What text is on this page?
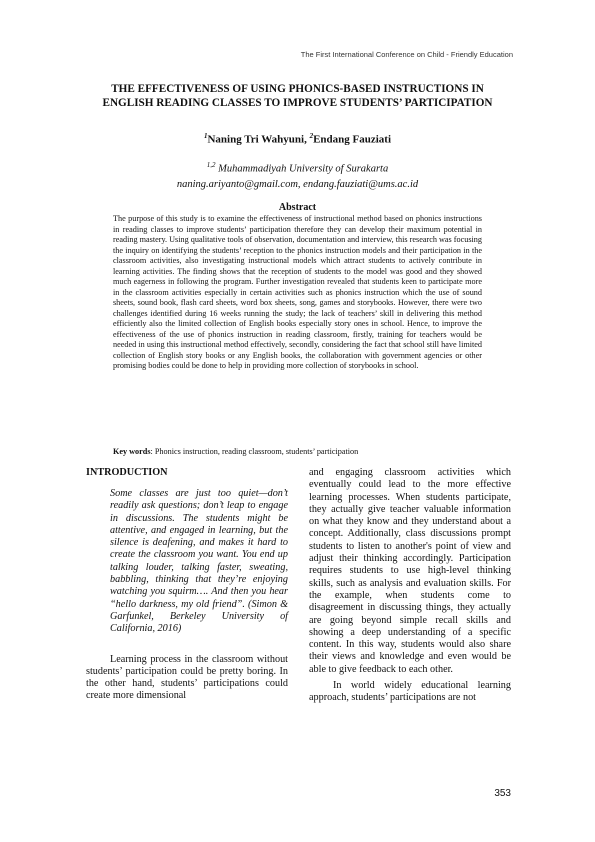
The First International Conference on Child - Friendly Education
THE EFFECTIVENESS OF USING PHONICS-BASED INSTRUCTIONS IN
ENGLISH READING CLASSES TO IMPROVE STUDENTS’ PARTICIPATION
$^1$Naning Tri Wahyuni, $^2$Endang Fauziati
$^{1,2}$ Muhammadiyah University of Surakarta
naning.ariyanto@gmail.com, endang.fauziati@ums.ac.id
Abstract

The purpose of this study is to examine the effectiveness of instructional method based on phonics instructions in reading classes to improve students’ participation therefore they can develop their maximum potential in reading mastery. Using qualitative tools of observation, documentation and interview, this research was focusing the inquiry on identifying the students’ reception to the phonics instruction models and their participation in the classroom activities, also investigating instructional models which attract students to actively contribute in learning activities. The finding shows that the reception of students to the model was good and they showed much eagerness in following the program. Further investigation revealed that students keen to participate more in the classroom activities especially in certain activities such as phonics instruction which the use of sound sheets, sound book, flash card sheets, word box sheets, song, games and storybooks. However, there were two challenges identified during 16 weeks running the study; the lack of teachers’ skill in delivering this method efficiently also the limited collection of English books especially story ones in school. Hence, to improve the effectiveness of the use of phonics instruction in reading classroom, firstly, training for teachers would be needed in using this instructional method effectively, secondly, considering the fact that school still have limited collection of English story books or any English books, the collaboration with government agencies or other promising bodies could be done to help in providing more collection of storybooks in school.

Key words: Phonics instruction, reading classroom, students’ participation
INTRODUCTION

Some classes are just too quiet—don’t readily ask questions; don’t leap to engage in discussions. The students might be attentive, and engaged in learning, but the silence is deafening, and makes it hard to create the classroom you want. You end up talking louder, talking faster, sweating, babbling, thinking that they’re enjoying watching you squirm…. And then you hear “hello darkness, my old friend”. (Simon & Garfunkel, Berkeley University of California, 2016)

Learning process in the classroom without students’ participation could be pretty boring. In the other hand, students’ participations could create more dimensional

and engaging classroom activities which eventually could lead to the more effective learning processes. When students participate, they actually give teacher valuable information on what they know and they understand about a concept. Additionally, class discussions prompt students to listen to another's point of view and adjust their thinking accordingly. Participation requires students to use high-level thinking skills, such as analysis and evaluation skills. For the example, when students come to disagreement in discussing things, they actually are going beyond simple recall skills and showing a deep understanding of a specific content. In this way, students would also share their views and knowledge and even would be able to give feedback to each other.

In world widely educational learning approach, students’ participations are not

353
